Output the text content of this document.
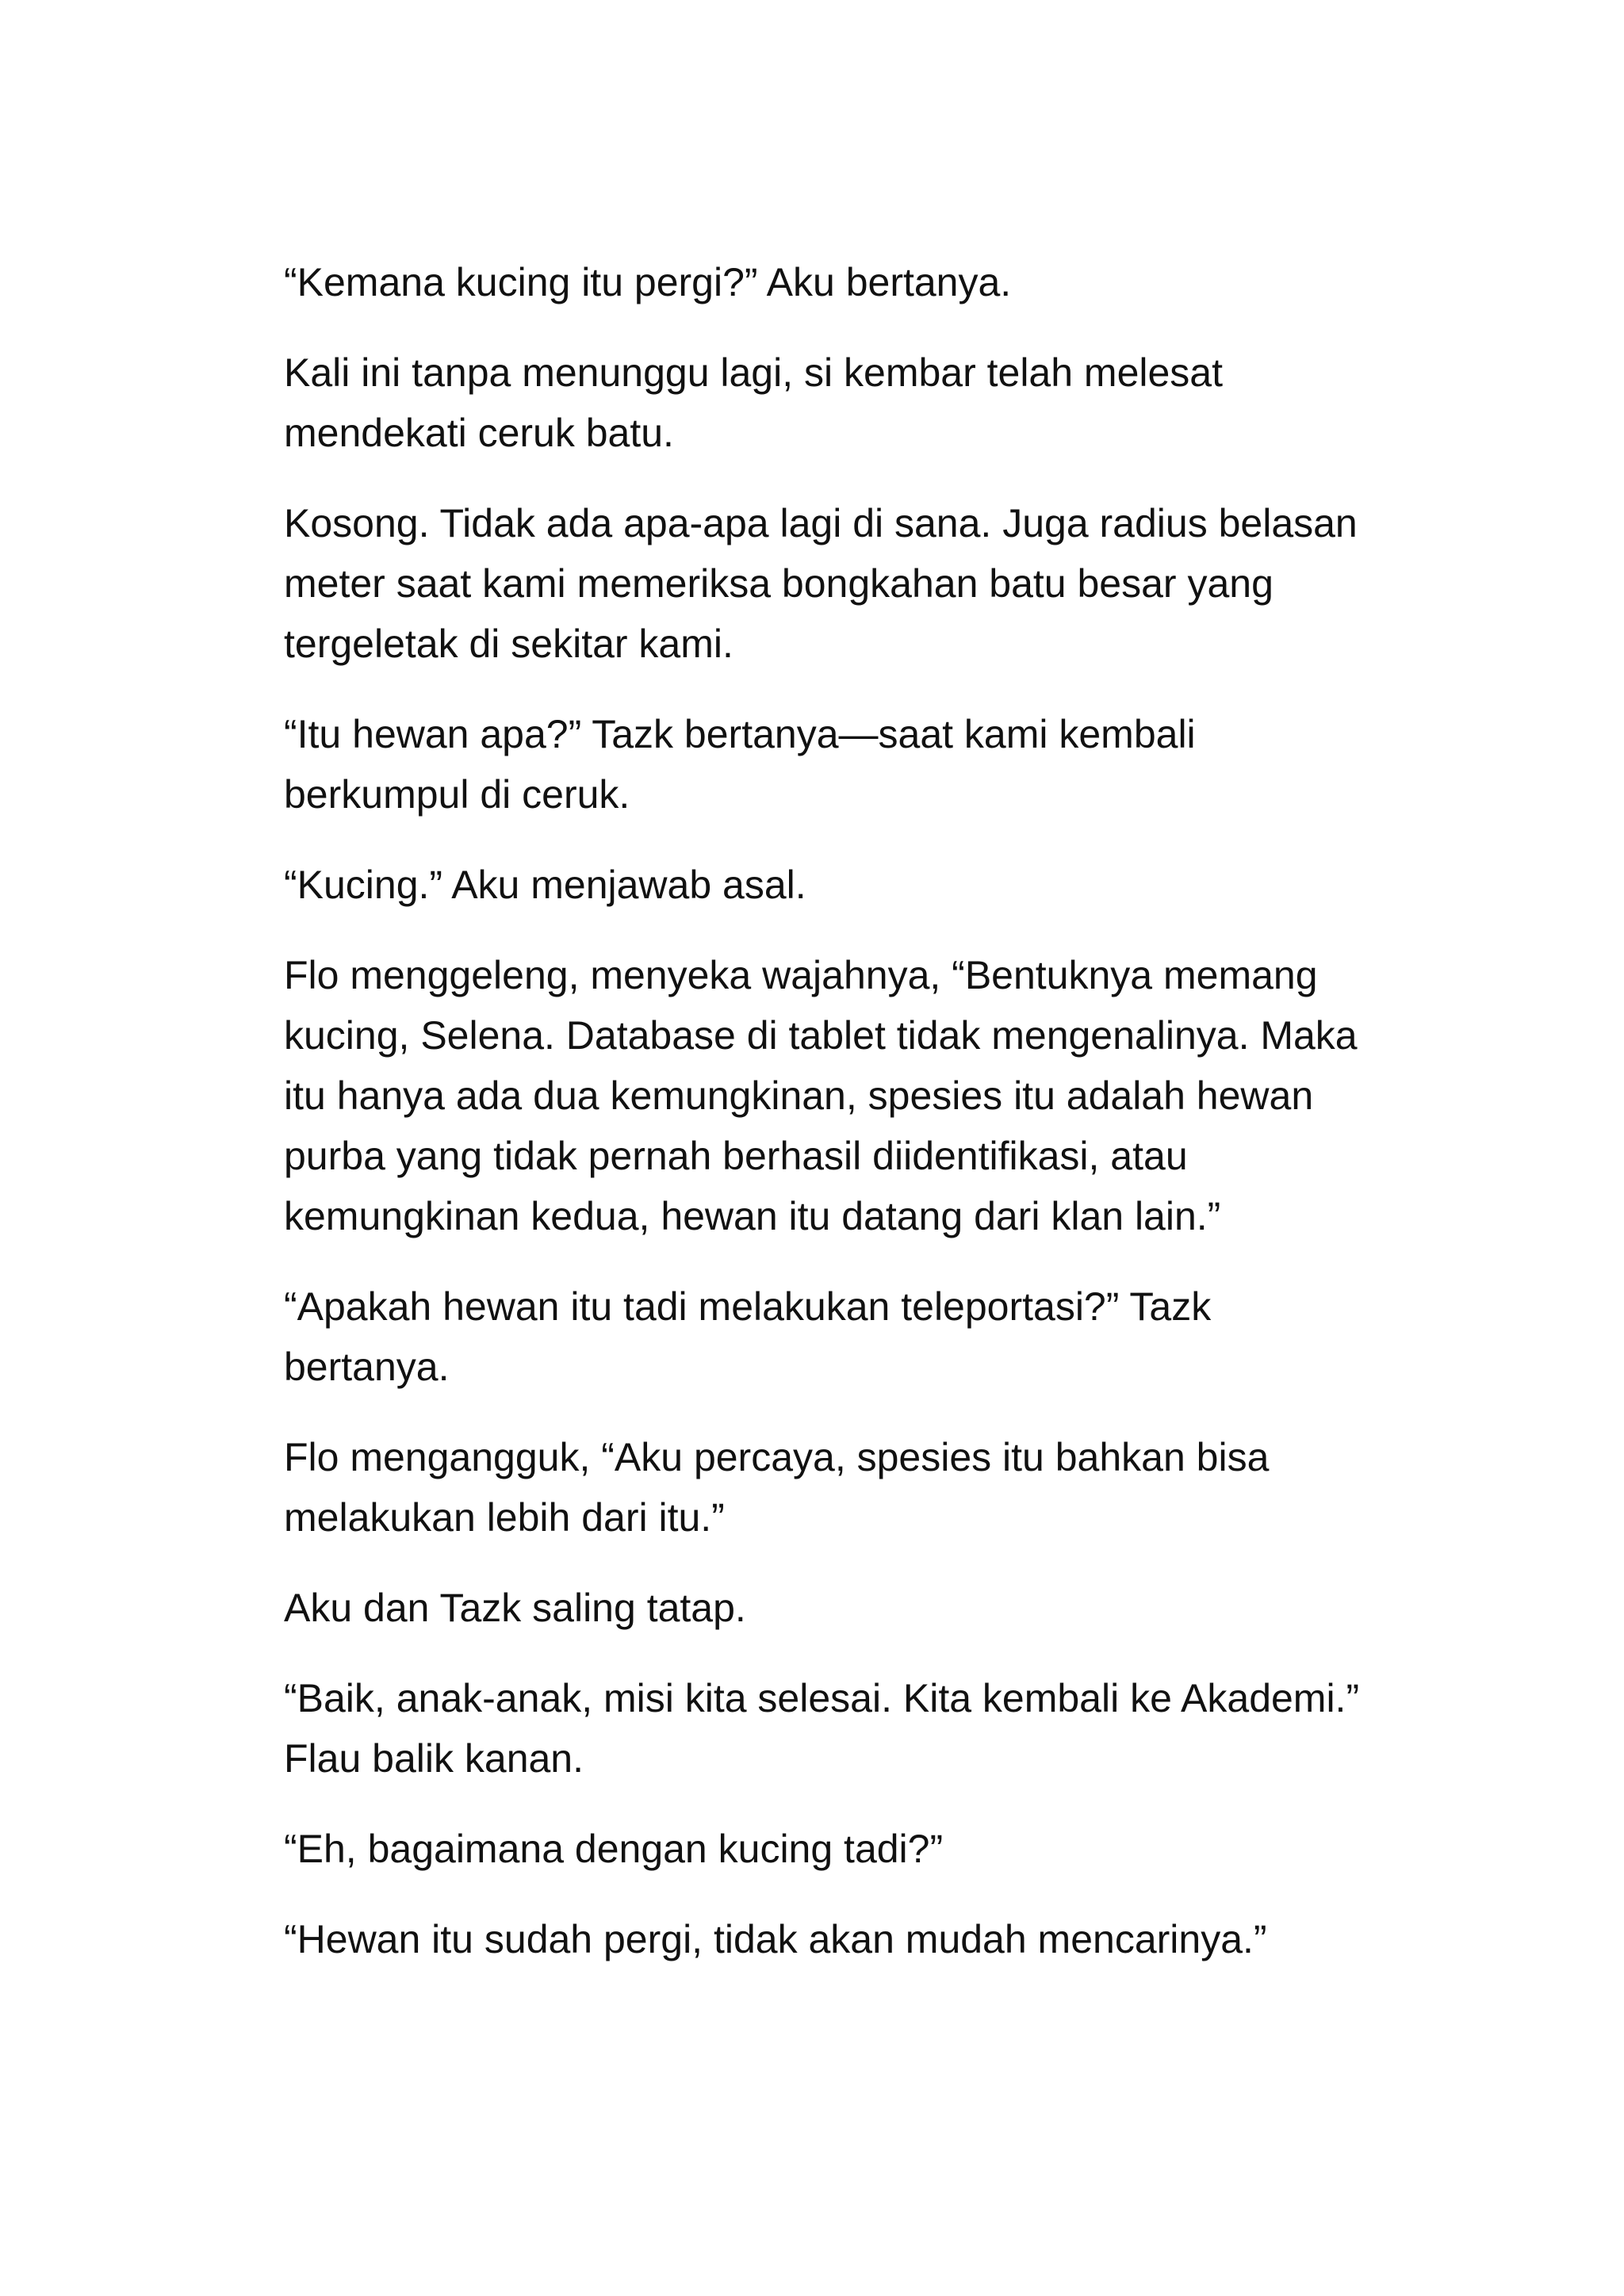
“Kemana kucing itu pergi?” Aku bertanya.

Kali ini tanpa menunggu lagi, si kembar telah melesat mendekati ceruk batu.

Kosong. Tidak ada apa-apa lagi di sana. Juga radius belasan meter saat kami memeriksa bongkahan batu besar yang tergeletak di sekitar kami.

“Itu hewan apa?” Tazk bertanya—saat kami kembali berkumpul di ceruk.

“Kucing.” Aku menjawab asal.

Flo menggeleng, menyeka wajahnya, “Bentuknya memang kucing, Selena. Database di tablet tidak mengenalinya. Maka itu hanya ada dua kemungkinan, spesies itu adalah hewan purba yang tidak pernah berhasil diidentifikasi, atau kemungkinan kedua, hewan itu datang dari klan lain.”

“Apakah hewan itu tadi melakukan teleportasi?” Tazk bertanya.

Flo mengangguk, “Aku percaya, spesies itu bahkan bisa melakukan lebih dari itu.”

Aku dan Tazk saling tatap.

“Baik, anak-anak, misi kita selesai. Kita kembali ke Akademi.” Flau balik kanan.

“Eh, bagaimana dengan kucing tadi?”

“Hewan itu sudah pergi, tidak akan mudah mencarinya.”
